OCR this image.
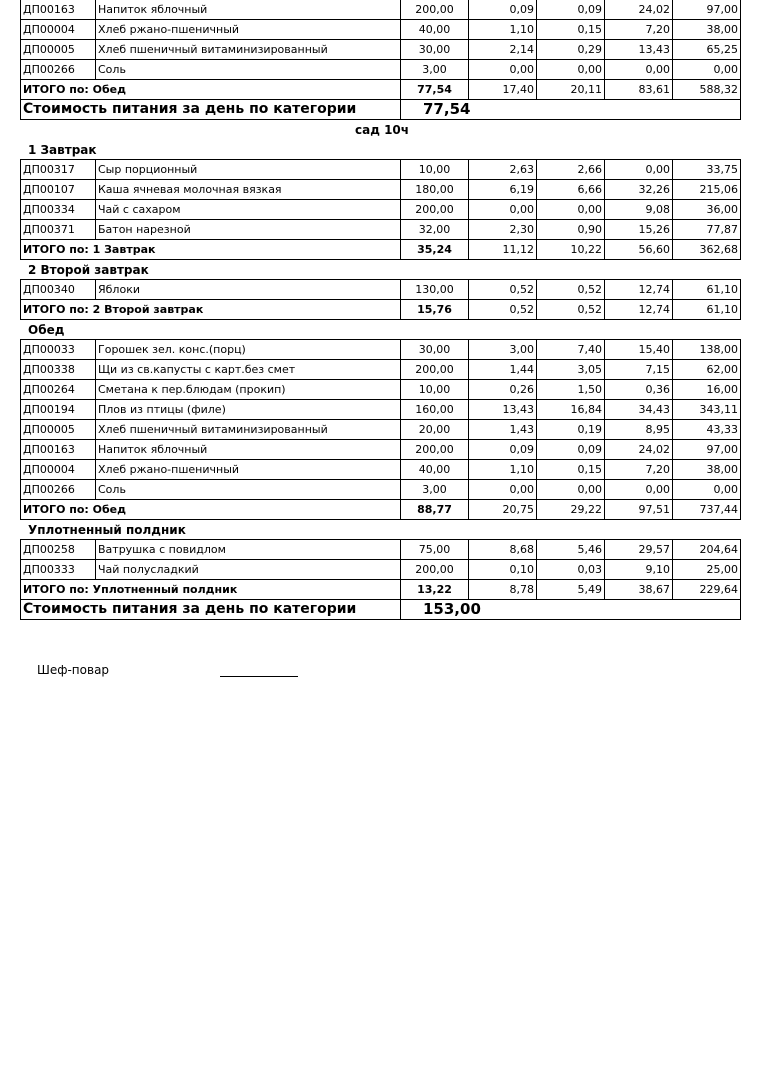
ДП00163	Напиток яблочный	200,00	0,09	0,09	24,02	97,00
ДП00004	Хлеб ржано-пшеничный	40,00	1,10	0,15	7,20	38,00
ДП00005	Хлеб пшеничный витаминизированный	30,00	2,14	0,29	13,43	65,25
ДП00266	Соль	3,00	0,00	0,00	0,00	0,00
ИТОГО по: Обед		77,54	17,40	20,11	83,61	588,32
Стоимость питания за день по категории		77,54				
сад 10ч
1 Завтрак
ДП00317	Сыр порционный	10,00	2,63	2,66	0,00	33,75
ДП00107	Каша ячневая молочная вязкая	180,00	6,19	6,66	32,26	215,06
ДП00334	Чай с сахаром	200,00	0,00	0,00	9,08	36,00
ДП00371	Батон нарезной	32,00	2,30	0,90	15,26	77,87
ИТОГО по: 1 Завтрак		35,24	11,12	10,22	56,60	362,68
2 Второй завтрак
ДП00340	Яблоки	130,00	0,52	0,52	12,74	61,10
ИТОГО по: 2 Второй завтрак		15,76	0,52	0,52	12,74	61,10
Обед
ДП00033	Горошек зел. конс.(порц)	30,00	3,00	7,40	15,40	138,00
ДП00338	Щи из св.капусты с карт.без смет	200,00	1,44	3,05	7,15	62,00
ДП00264	Сметана к пер.блюдам (прокип)	10,00	0,26	1,50	0,36	16,00
ДП00194	Плов из птицы (филе)	160,00	13,43	16,84	34,43	343,11
ДП00005	Хлеб пшеничный витаминизированный	20,00	1,43	0,19	8,95	43,33
ДП00163	Напиток яблочный	200,00	0,09	0,09	24,02	97,00
ДП00004	Хлеб ржано-пшеничный	40,00	1,10	0,15	7,20	38,00
ДП00266	Соль	3,00	0,00	0,00	0,00	0,00
ИТОГО по: Обед		88,77	20,75	29,22	97,51	737,44
Уплотненный полдник
ДП00258	Ватрушка с повидлом	75,00	8,68	5,46	29,57	204,64
ДП00333	Чай полусладкий	200,00	0,10	0,03	9,10	25,00
ИТОГО по: Уплотненный полдник		13,22	8,78	5,49	38,67	229,64
Стоимость питания за день по категории		153,00				
Шеф-повар
